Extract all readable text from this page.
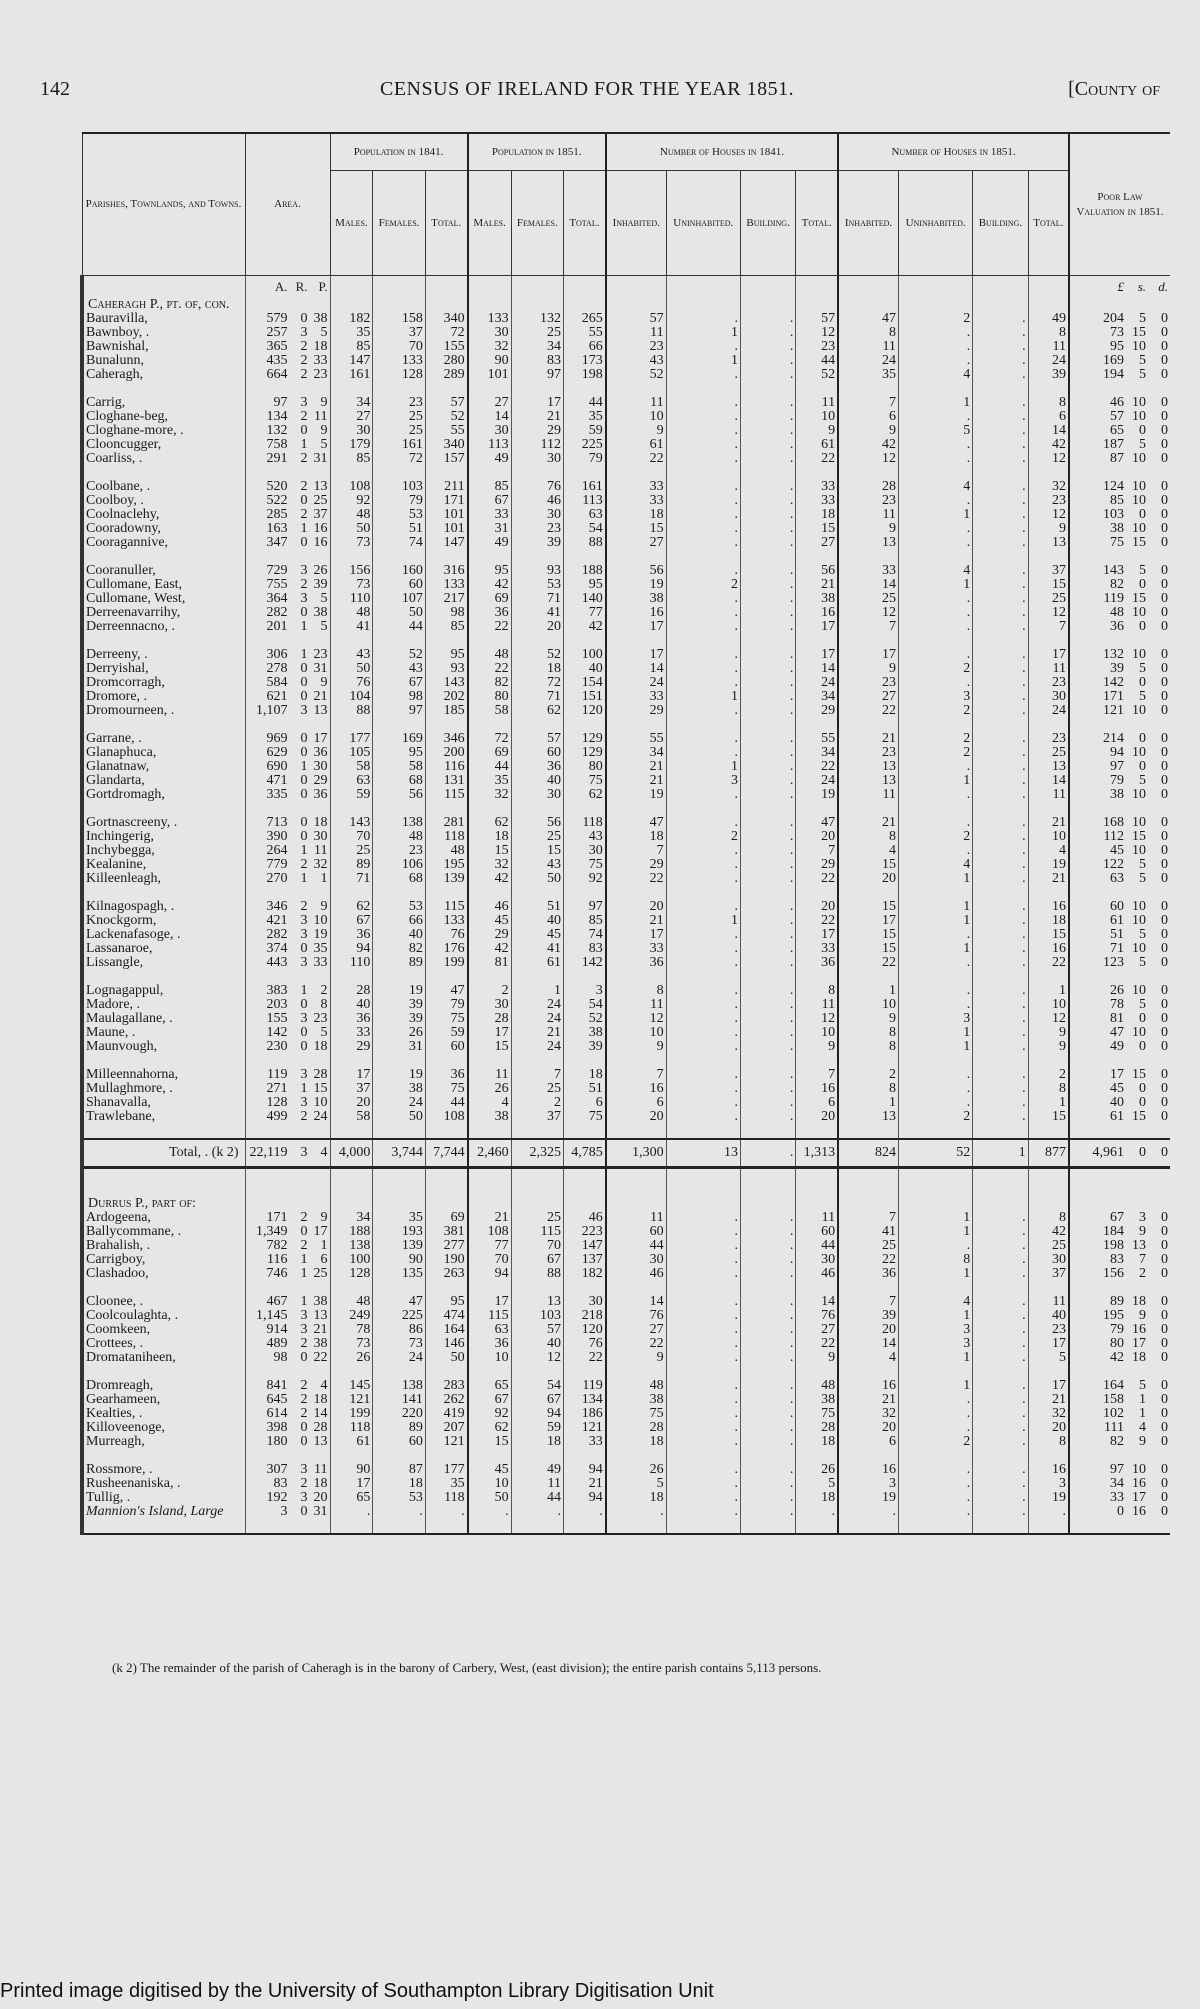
142	CENSUS OF IRELAND FOR THE YEAR 1851.	[County of
Parishes, Townlands, and Towns.	Area.			Population in 1841.			Population in 1851.			Number of Houses in 1841.				Number of Houses in 1851.				Poor Law Valuation in 1851.		
				Males.	Females.	Total.	Males.	Females.	Total.	Inhabited.	Uninhabited.	Building.	Total.	Inhabited.	Uninhabited.	Building.	Total.			

	A.	R.	P.															£	s.	d.
Caheragh P., pt. of, con.																				
Bauravilla,	579	0	38	182	158	340	133	132	265	57	.	.	57	47	2	.	49	204	5	0
Bawnboy, .	257	3	5	35	37	72	30	25	55	11	1	.	12	8	.	.	8	73	15	0
Bawnishal,	365	2	18	85	70	155	32	34	66	23	.	.	23	11	.	.	11	95	10	0
Bunalunn,	435	2	33	147	133	280	90	83	173	43	1	.	44	24	.	.	24	169	5	0
Caheragh,	664	2	23	161	128	289	101	97	198	52	.	.	52	35	4	.	39	194	5	0

Carrig,	97	3	9	34	23	57	27	17	44	11	.	.	11	7	1	.	8	46	10	0
Cloghane-beg,	134	2	11	27	25	52	14	21	35	10	.	.	10	6	.	.	6	57	10	0
Cloghane-more, .	132	0	9	30	25	55	30	29	59	9	.	.	9	9	5	.	14	65	0	0
Clooncugger,	758	1	5	179	161	340	113	112	225	61	.	.	61	42	.	.	42	187	5	0
Coarliss, .	291	2	31	85	72	157	49	30	79	22	.	.	22	12	.	.	12	87	10	0

Coolbane, .	520	2	13	108	103	211	85	76	161	33	.	.	33	28	4	.	32	124	10	0
Coolboy, .	522	0	25	92	79	171	67	46	113	33	.	.	33	23	.	.	23	85	10	0
Coolnaclehy,	285	2	37	48	53	101	33	30	63	18	.	.	18	11	1	.	12	103	0	0
Cooradowny,	163	1	16	50	51	101	31	23	54	15	.	.	15	9	.	.	9	38	10	0
Cooragannive,	347	0	16	73	74	147	49	39	88	27	.	.	27	13	.	.	13	75	15	0

Cooranuller,	729	3	26	156	160	316	95	93	188	56	.	.	56	33	4	.	37	143	5	0
Cullomane, East,	755	2	39	73	60	133	42	53	95	19	2	.	21	14	1	.	15	82	0	0
Cullomane, West,	364	3	5	110	107	217	69	71	140	38	.	.	38	25	.	.	25	119	15	0
Derreenavarrihy,	282	0	38	48	50	98	36	41	77	16	.	.	16	12	.	.	12	48	10	0
Derreennacno, .	201	1	5	41	44	85	22	20	42	17	.	.	17	7	.	.	7	36	0	0

Derreeny, .	306	1	23	43	52	95	48	52	100	17	.	.	17	17	.	.	17	132	10	0
Derryishal,	278	0	31	50	43	93	22	18	40	14	.	.	14	9	2	.	11	39	5	0
Dromcorragh,	584	0	9	76	67	143	82	72	154	24	.	.	24	23	.	.	23	142	0	0
Dromore, .	621	0	21	104	98	202	80	71	151	33	1	.	34	27	3	.	30	171	5	0
Dromourneen, .	1,107	3	13	88	97	185	58	62	120	29	.	.	29	22	2	.	24	121	10	0

Garrane, .	969	0	17	177	169	346	72	57	129	55	.	.	55	21	2	.	23	214	0	0
Glanaphuca,	629	0	36	105	95	200	69	60	129	34	.	.	34	23	2	.	25	94	10	0
Glanatnaw,	690	1	30	58	58	116	44	36	80	21	1	.	22	13	.	.	13	97	0	0
Glandarta,	471	0	29	63	68	131	35	40	75	21	3	.	24	13	1	.	14	79	5	0
Gortdromagh,	335	0	36	59	56	115	32	30	62	19	.	.	19	11	.	.	11	38	10	0

Gortnascreeny, .	713	0	18	143	138	281	62	56	118	47	.	.	47	21	.	.	21	168	10	0
Inchingerig,	390	0	30	70	48	118	18	25	43	18	2	.	20	8	2	.	10	112	15	0
Inchybegga,	264	1	11	25	23	48	15	15	30	7	.	.	7	4	.	.	4	45	10	0
Kealanine,	779	2	32	89	106	195	32	43	75	29	.	.	29	15	4	.	19	122	5	0
Killeenleagh,	270	1	1	71	68	139	42	50	92	22	.	.	22	20	1	.	21	63	5	0

Kilnagospagh, .	346	2	9	62	53	115	46	51	97	20	.	.	20	15	1	.	16	60	10	0
Knockgorm,	421	3	10	67	66	133	45	40	85	21	1	.	22	17	1	.	18	61	10	0
Lackenafasoge, .	282	3	19	36	40	76	29	45	74	17	.	.	17	15	.	.	15	51	5	0
Lassanaroe,	374	0	35	94	82	176	42	41	83	33	.	.	33	15	1	.	16	71	10	0
Lissangle,	443	3	33	110	89	199	81	61	142	36	.	.	36	22	.	.	22	123	5	0

Lognagappul,	383	1	2	28	19	47	2	1	3	8	.	.	8	1	.	.	1	26	10	0
Madore, .	203	0	8	40	39	79	30	24	54	11	.	.	11	10	.	.	10	78	5	0
Maulagallane, .	155	3	23	36	39	75	28	24	52	12	.	.	12	9	3	.	12	81	0	0
Maune, .	142	0	5	33	26	59	17	21	38	10	.	.	10	8	1	.	9	47	10	0
Maunvough,	230	0	18	29	31	60	15	24	39	9	.	.	9	8	1	.	9	49	0	0

Milleennahorna,	119	3	28	17	19	36	11	7	18	7	.	.	7	2	.	.	2	17	15	0
Mullaghmore, .	271	1	15	37	38	75	26	25	51	16	.	.	16	8	.	.	8	45	0	0
Shanavalla,	128	3	10	20	24	44	4	2	6	6	.	.	6	1	.	.	1	40	0	0
Trawlebane,	499	2	24	58	50	108	38	37	75	20	.	.	20	13	2	.	15	61	15	0

Total, . (k 2)	22,119	3	4	4,000	3,744	7,744	2,460	2,325	4,785	1,300	13	.	1,313	824	52	1	877	4,961	0	0

Durrus P., part of:																				
Ardogeena,	171	2	9	34	35	69	21	25	46	11	.	.	11	7	1	.	8	67	3	0
Ballycommane, .	1,349	0	17	188	193	381	108	115	223	60	.	.	60	41	1	.	42	184	9	0
Brahalish, .	782	2	1	138	139	277	77	70	147	44	.	.	44	25	.	.	25	198	13	0
Carrigboy,	116	1	6	100	90	190	70	67	137	30	.	.	30	22	8	.	30	83	7	0
Clashadoo,	746	1	25	128	135	263	94	88	182	46	.	.	46	36	1	.	37	156	2	0

Cloonee, .	467	1	38	48	47	95	17	13	30	14	.	.	14	7	4	.	11	89	18	0
Coolcoulaghta, .	1,145	3	13	249	225	474	115	103	218	76	.	.	76	39	1	.	40	195	9	0
Coomkeen,	914	3	21	78	86	164	63	57	120	27	.	.	27	20	3	.	23	79	16	0
Crottees, .	489	2	38	73	73	146	36	40	76	22	.	.	22	14	3	.	17	80	17	0
Dromataniheen,	98	0	22	26	24	50	10	12	22	9	.	.	9	4	1	.	5	42	18	0

Dromreagh,	841	2	4	145	138	283	65	54	119	48	.	.	48	16	1	.	17	164	5	0
Gearhameen,	645	2	18	121	141	262	67	67	134	38	.	.	38	21	.	.	21	158	1	0
Kealties, .	614	2	14	199	220	419	92	94	186	75	.	.	75	32	.	.	32	102	1	0
Killoveenoge,	398	0	28	118	89	207	62	59	121	28	.	.	28	20	.	.	20	111	4	0
Murreagh,	180	0	13	61	60	121	15	18	33	18	.	.	18	6	2	.	8	82	9	0

Rossmore, .	307	3	11	90	87	177	45	49	94	26	.	.	26	16	.	.	16	97	10	0
Rusheenaniska, .	83	2	18	17	18	35	10	11	21	5	.	.	5	3	.	.	3	34	16	0
Tullig, .	192	3	20	65	53	118	50	44	94	18	.	.	18	19	.	.	19	33	17	0
Mannion's Island, Large	3	0	31	.	.	.	.	.	.	.	.	.	.	.	.	.	.	0	16	0

(k 2) The remainder of the parish of Caheragh is in the barony of Carbery, West, (east division); the entire parish contains 5,113 persons.
Printed image digitised by the University of Southampton Library Digitisation Unit
